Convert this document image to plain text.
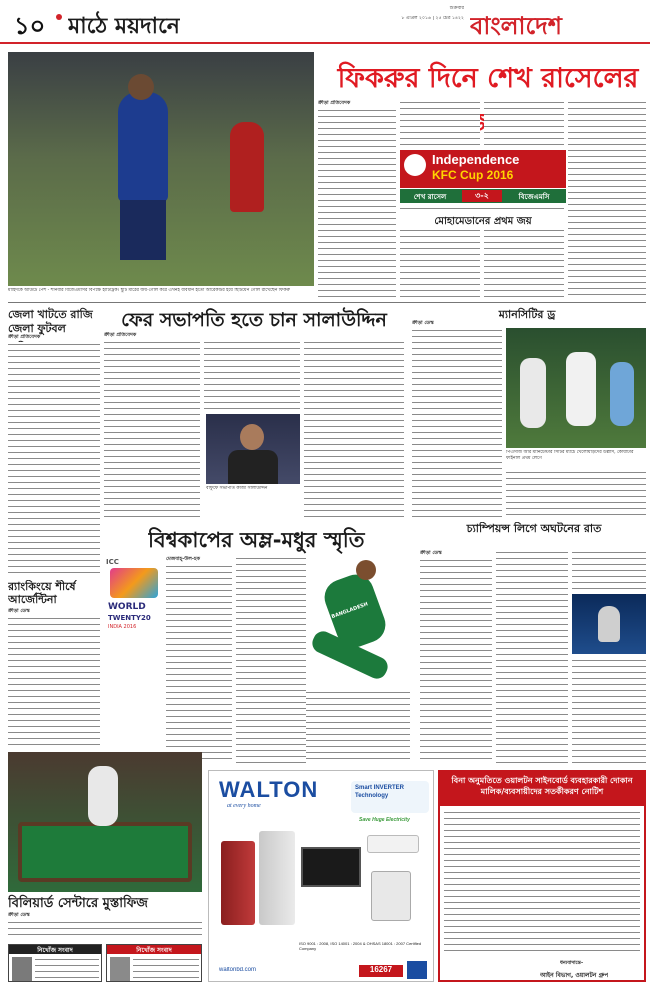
১০ মাঠে ময়দানে
শুক্রবার
৮ এপ্রিল ২০১৬ | ২৫ চৈত্র ১৪২২ বাংলাদেশ
মাহিদকে আউটে পেশ - শনিবার বিজেএমসির বিপক্ষে হ্যাটট্রিক। ছুটি মাঠের জয়-গোল করে এখনই ব্যবধান হতো আরেকটির হয়ে ছিটিয়েন গোল রাখেছেন ফিকরু
ফিকরুর দিনে শেখ রাসেলের
ক্রীড়া প্রতিবেদক
Independence
KFC Cup 2016
শেখ রাসেল	৩-২	বিজেএমসি
মোহামেডানের প্রথম জয়
জেলা খাটতে রাজি
জেলা ফুটবল
ক্রীড়া প্রতিবেদক
ফের সভাপতি হতে চান সালাউদ্দিন
ক্রীড়া প্রতিবেদক
বাফুফে সভাপতি কাজী সালাউদ্দিন
ম্যানসিটির ড্র
ক্রীড়া ডেস্ক
পিএসজি আর ম্যানচেস্টার সিটির ম্যাচে খেলোয়াড়দের উল্লাস, কোয়ার্টার ফাইনাল প্রথম লেগে
বিশ্বকাপের অম্ল-মধুর স্মৃতি
ICC
WORLD
TWENTY20
INDIA 2016
মেজবাহ্-উল-হক
BANGLADESH
চ্যাম্পিয়ন্স লিগে অঘটনের রাত
ক্রীড়া ডেস্ক
র‌্যাংকিংয়ে শীর্ষে আর্জেন্টিনা
ক্রীড়া ডেস্ক
বিলিয়ার্ড সেন্টারে মুস্তাফিজ
ক্রীড়া ডেস্ক
নিখোঁজ সংবাদ	নিখোঁজ সংবাদ
WALTON
at every home
Smart INVERTER Technology
Save Huge Electricity
ISO 9001 : 2008, ISO 14001 : 2004 & OHSAS 18001 : 2007 Certified Company
waltonbd.com	16267
বিনা অনুমতিতে ওয়ালটন সাইনবোর্ড ব্যবহারকারী দোকান মালিক/ব্যবসায়ীদের সতর্কীকরণ নোটিশ
ধন্যবাদান্তে-
আইন বিভাগ, ওয়ালটন গ্রুপ
